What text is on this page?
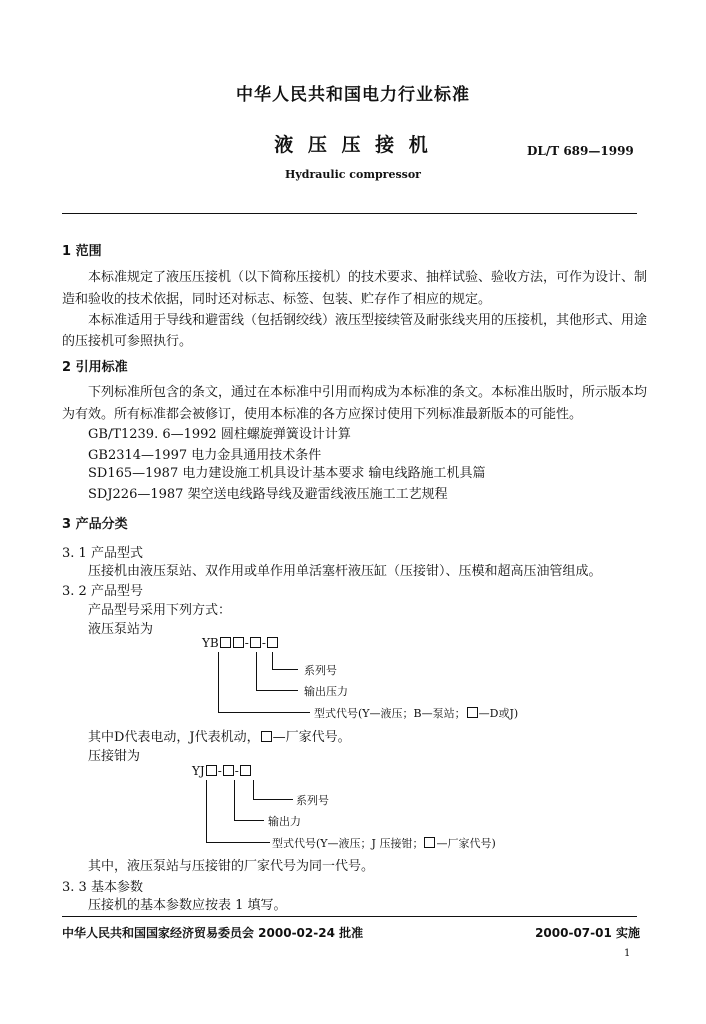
中华人民共和国电力行业标准
液 压 压 接 机	DL/T 689—1999
Hydraulic compressor
1 范围
本标准规定了液压压接机（以下简称压接机）的技术要求、抽样试验、验收方法，可作为设计、制
造和验收的技术依据，同时还对标志、标签、包装、贮存作了相应的规定。
本标准适用于导线和避雷线（包括钢绞线）液压型接续管及耐张线夹用的压接机，其他形式、用途
的压接机可参照执行。
2 引用标准
下列标准所包含的条文，通过在本标准中引用而构成为本标准的条文。本标准出版时，所示版本均
为有效。所有标准都会被修订，使用本标准的各方应探讨使用下列标准最新版本的可能性。
GB/T1239. 6—1992 圆柱螺旋弹簧设计计算
GB2314—1997 电力金具通用技术条件
SD165—1987 电力建设施工机具设计基本要求 输电线路施工机具篇
SDJ226—1987 架空送电线路导线及避雷线液压施工工艺规程
3 产品分类
3. 1 产品型式
压接机由液压泵站、双作用或单作用单活塞杆液压缸（压接钳）、压模和超高压油管组成。
3. 2 产品型号
产品型号采用下列方式：
液压泵站为
YB - -
系列号
输出压力
型式代号(Y—液压；B—泵站； —D或J)
其中D代表电动，J代表机动， —厂家代号。
压接钳为
YJ - -
系列号
输出力
型式代号(Y—液压；J 压接钳； —厂家代号)
其中，液压泵站与压接钳的厂家代号为同一代号。
3. 3 基本参数
压接机的基本参数应按表 1 填写。
中华人民共和国国家经济贸易委员会 2000-02-24 批准	2000-07-01 实施
1
